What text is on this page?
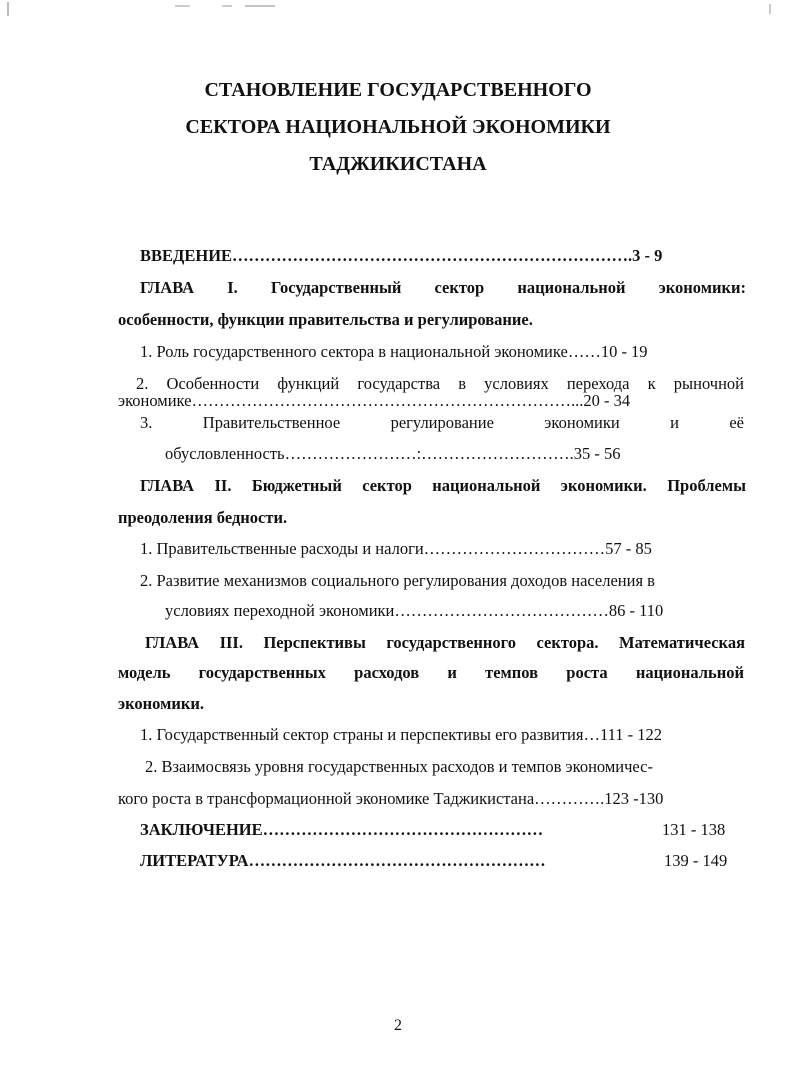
СТАНОВЛЕНИЕ ГОСУДАРСТВЕННОГО
СЕКТОРА НАЦИОНАЛЬНОЙ ЭКОНОМИКИ
ТАДЖИКИСТАНА
ВВЕДЕНИЕ……………………………………………………………….3 - 9
ГЛАВА I. Государственный сектор национальной экономики:
особенности, функции правительства и регулирование.
1. Роль государственного сектора в национальной экономике……10 - 19
2. Особенности функций государства в условиях перехода к рыночной
экономике……………………………………………………………...20 - 34
3. Правительственное регулирование экономики и её
обусловленность……………………:……………………….35 - 56
ГЛАВА II. Бюджетный сектор национальной экономики. Проблемы
преодоления бедности.
1. Правительственные расходы и налоги……………………………57 - 85
2. Развитие механизмов социального регулирования доходов населения в
условиях переходной экономики…………………………………86 - 110
ГЛАВА III. Перспективы государственного сектора. Математическая
модель государственных расходов и темпов роста национальной
экономики.
1. Государственный сектор страны и перспективы его развития…111 - 122
2. Взаимосвязь уровня государственных расходов и темпов экономичес-
кого роста в трансформационной экономике Таджикистана………….123 -130
ЗАКЛЮЧЕНИЕ……………………………………………	131 - 138
ЛИТЕРАТУРА………………………………………………	139 - 149
2
